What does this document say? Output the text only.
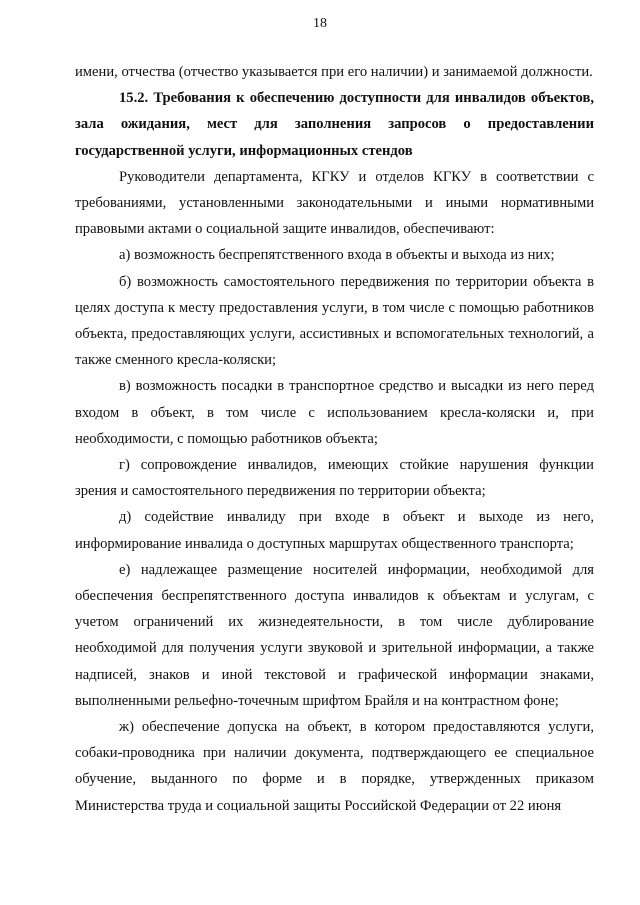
18

имени, отчества (отчество указывается при его наличии) и занимаемой должности.

15.2. Требования к обеспечению доступности для инвалидов объектов, зала ожидания, мест для заполнения запросов о предоставлении государственной услуги, информационных стендов

Руководители департамента, КГКУ и отделов КГКУ в соответствии с требованиями, установленными законодательными и иными нормативными правовыми актами о социальной защите инвалидов, обеспечивают:

а) возможность беспрепятственного входа в объекты и выхода из них;

б) возможность самостоятельного передвижения по территории объекта в целях доступа к месту предоставления услуги, в том числе с помощью работников объекта, предоставляющих услуги, ассистивных и вспомогательных технологий, а также сменного кресла-коляски;

в) возможность посадки в транспортное средство и высадки из него перед входом в объект, в том числе с использованием кресла-коляски и, при необходимости, с помощью работников объекта;

г) сопровождение инвалидов, имеющих стойкие нарушения функции зрения и самостоятельного передвижения по территории объекта;

д) содействие инвалиду при входе в объект и выходе из него, информирование инвалида о доступных маршрутах общественного транспорта;

е) надлежащее размещение носителей информации, необходимой для обеспечения беспрепятственного доступа инвалидов к объектам и услугам, с учетом ограничений их жизнедеятельности, в том числе дублирование необходимой для получения услуги звуковой и зрительной информации, а также надписей, знаков и иной текстовой и графической информации знаками, выполненными рельефно-точечным шрифтом Брайля и на контрастном фоне;

ж) обеспечение допуска на объект, в котором предоставляются услуги, собаки-проводника при наличии документа, подтверждающего ее специальное обучение, выданного по форме и в порядке, утвержденных приказом Министерства труда и социальной защиты Российской Федерации от 22 июня
